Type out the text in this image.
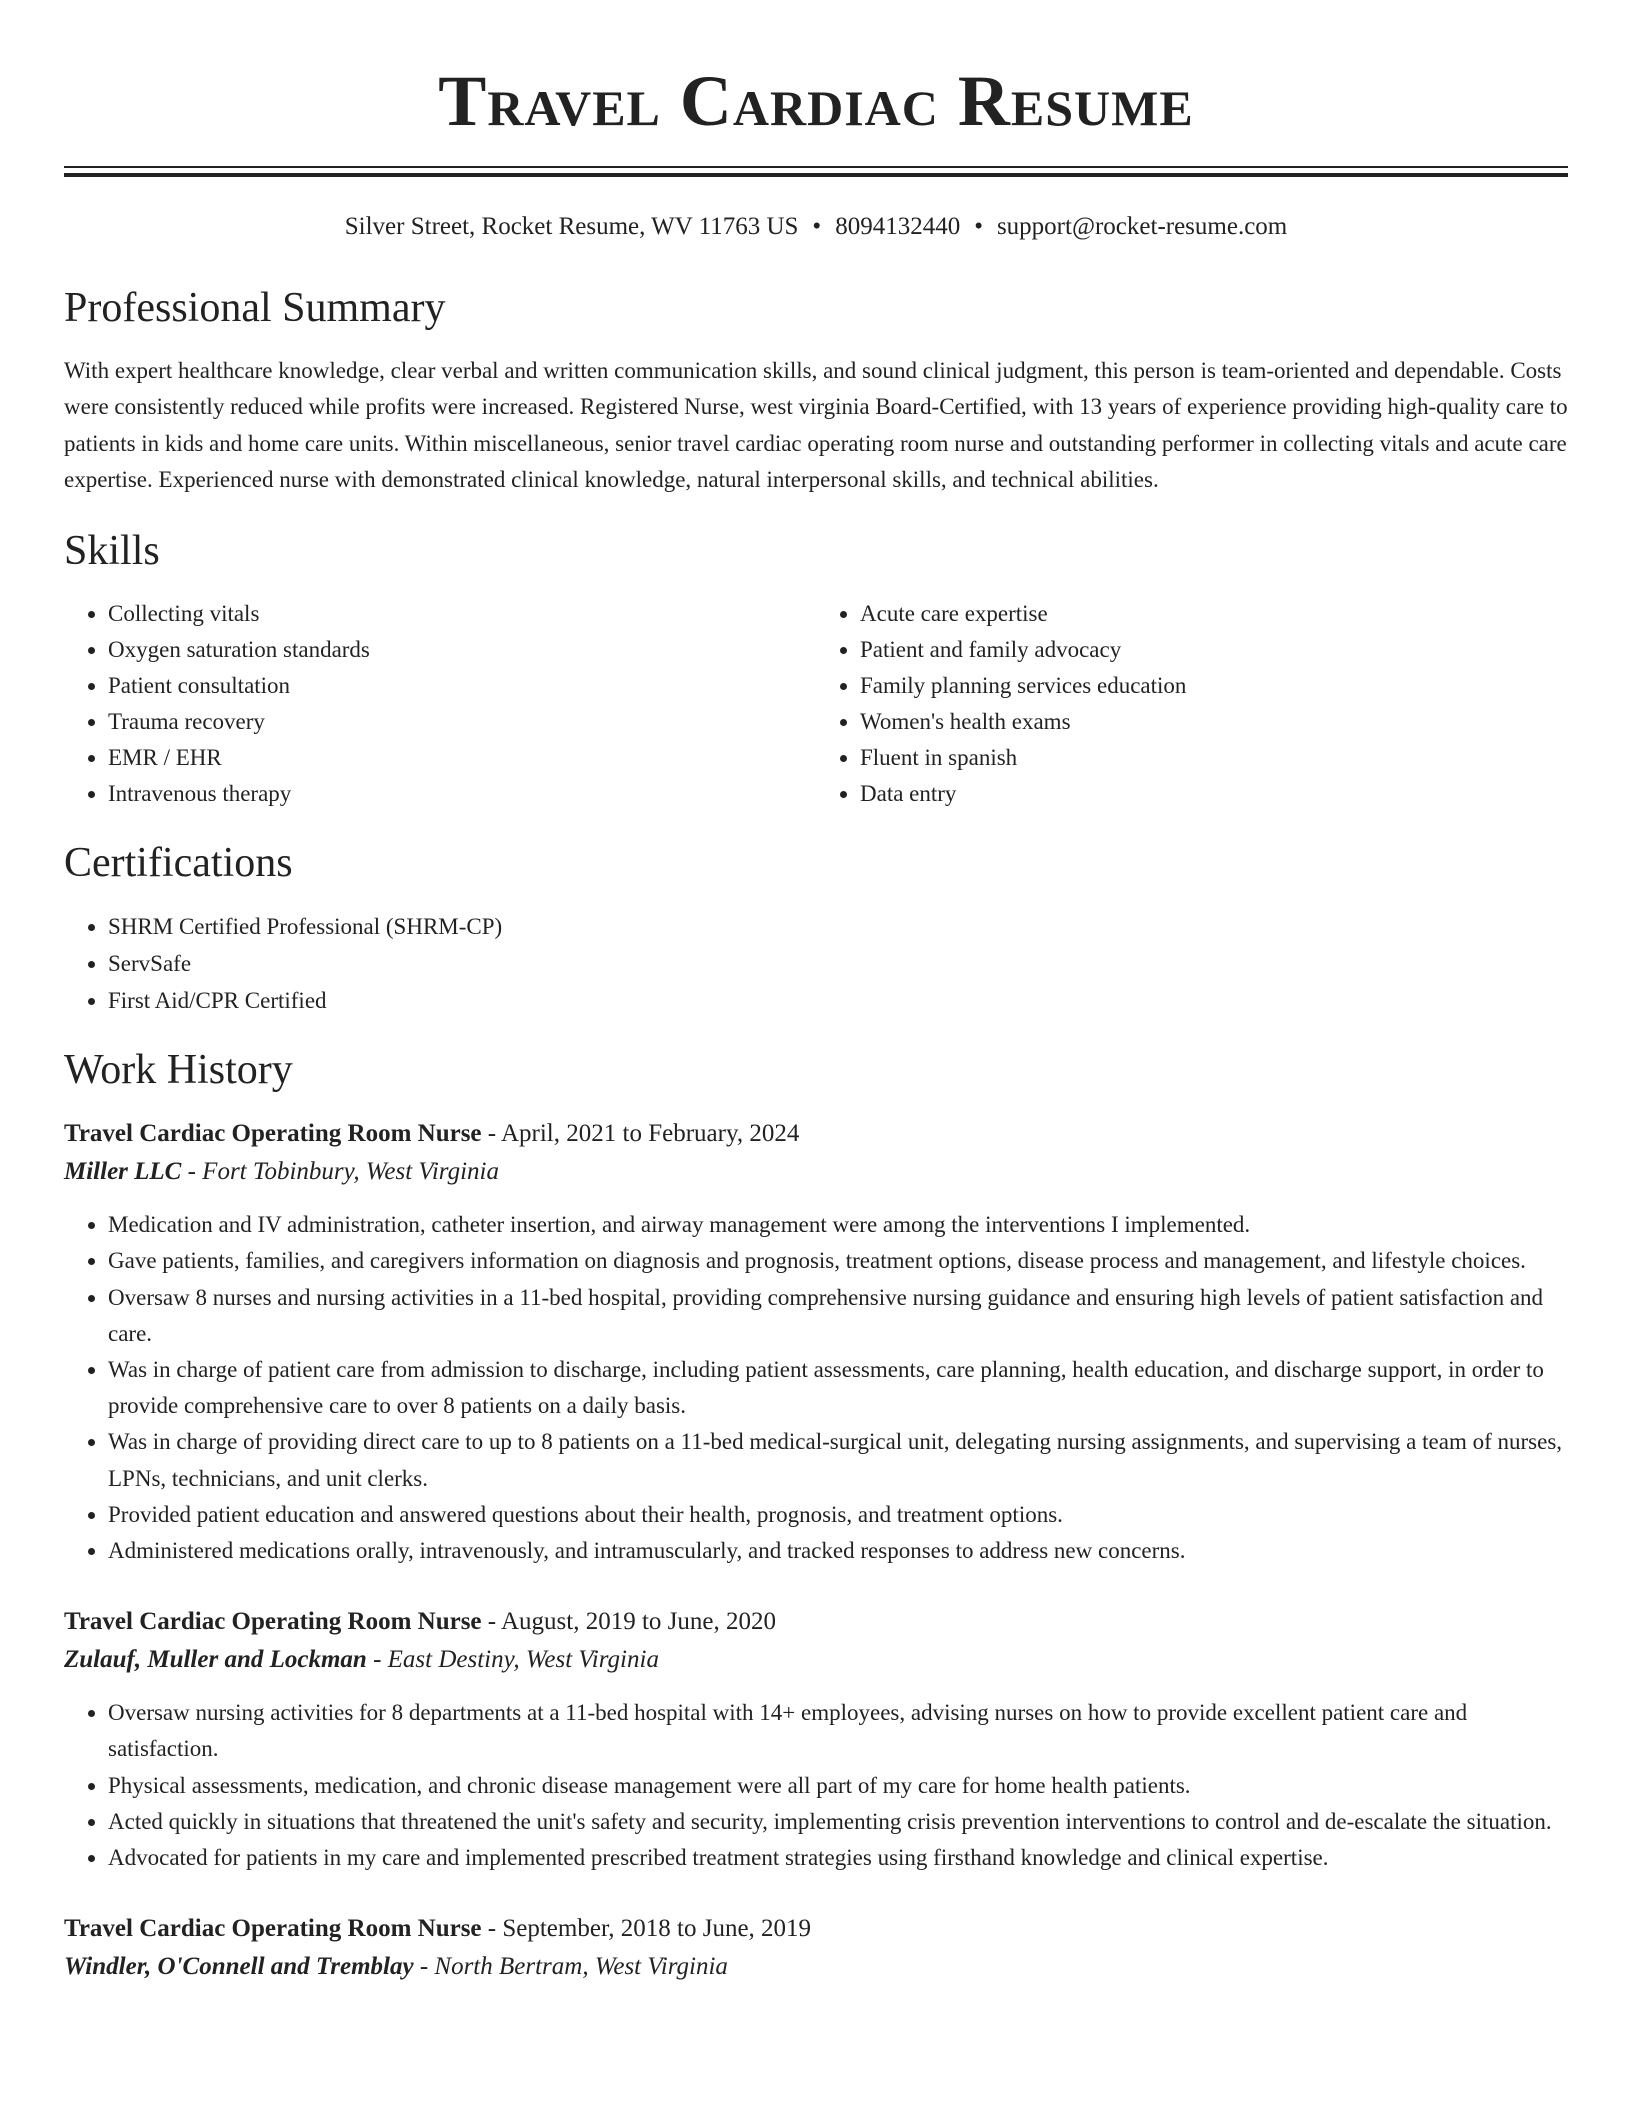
Travel Cardiac Resume
Silver Street, Rocket Resume, WV 11763 US • 8094132440 • support@rocket-resume.com
Professional Summary

With expert healthcare knowledge, clear verbal and written communication skills, and sound clinical judgment, this person is team-oriented and dependable. Costs were consistently reduced while profits were increased. Registered Nurse, west virginia Board-Certified, with 13 years of experience providing high-quality care to patients in kids and home care units. Within miscellaneous, senior travel cardiac operating room nurse and outstanding performer in collecting vitals and acute care expertise. Experienced nurse with demonstrated clinical knowledge, natural interpersonal skills, and technical abilities.

Skills
• Collecting vitals
• Oxygen saturation standards
• Patient consultation
• Trauma recovery
• EMR / EHR
• Intravenous therapy
• Acute care expertise
• Patient and family advocacy
• Family planning services education
• Women's health exams
• Fluent in spanish
• Data entry
Certifications
• SHRM Certified Professional (SHRM-CP)
• ServSafe
• First Aid/CPR Certified
Work History
Travel Cardiac Operating Room Nurse - April, 2021 to February, 2024
Miller LLC - Fort Tobinbury, West Virginia
• Medication and IV administration, catheter insertion, and airway management were among the interventions I implemented.
• Gave patients, families, and caregivers information on diagnosis and prognosis, treatment options, disease process and management, and lifestyle choices.
• Oversaw 8 nurses and nursing activities in a 11-bed hospital, providing comprehensive nursing guidance and ensuring high levels of patient satisfaction and care.
• Was in charge of patient care from admission to discharge, including patient assessments, care planning, health education, and discharge support, in order to provide comprehensive care to over 8 patients on a daily basis.
• Was in charge of providing direct care to up to 8 patients on a 11-bed medical-surgical unit, delegating nursing assignments, and supervising a team of nurses, LPNs, technicians, and unit clerks.
• Provided patient education and answered questions about their health, prognosis, and treatment options.
• Administered medications orally, intravenously, and intramuscularly, and tracked responses to address new concerns.
Travel Cardiac Operating Room Nurse - August, 2019 to June, 2020
Zulauf, Muller and Lockman - East Destiny, West Virginia
• Oversaw nursing activities for 8 departments at a 11-bed hospital with 14+ employees, advising nurses on how to provide excellent patient care and satisfaction.
• Physical assessments, medication, and chronic disease management were all part of my care for home health patients.
• Acted quickly in situations that threatened the unit's safety and security, implementing crisis prevention interventions to control and de-escalate the situation.
• Advocated for patients in my care and implemented prescribed treatment strategies using firsthand knowledge and clinical expertise.
Travel Cardiac Operating Room Nurse - September, 2018 to June, 2019
Windler, O'Connell and Tremblay - North Bertram, West Virginia
